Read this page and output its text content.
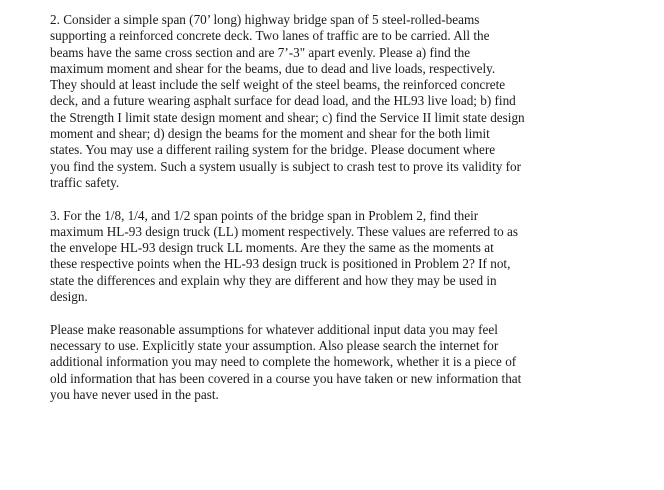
2. Consider a simple span (70’ long) highway bridge span of 5 steel-rolled-beams
supporting a reinforced concrete deck. Two lanes of traffic are to be carried. All the
beams have the same cross section and are 7’-3" apart evenly. Please a) find the
maximum moment and shear for the beams, due to dead and live loads, respectively.
They should at least include the self weight of the steel beams, the reinforced concrete
deck, and a future wearing asphalt surface for dead load, and the HL93 live load; b) find
the Strength I limit state design moment and shear; c) find the Service II limit state design
moment and shear; d) design the beams for the moment and shear for the both limit
states. You may use a different railing system for the bridge. Please document where
you find the system. Such a system usually is subject to crash test to prove its validity for
traffic safety.
3. For the 1/8, 1/4, and 1/2 span points of the bridge span in Problem 2, find their
maximum HL-93 design truck (LL) moment respectively. These values are referred to as
the envelope HL-93 design truck LL moments. Are they the same as the moments at
these respective points when the HL-93 design truck is positioned in Problem 2? If not,
state the differences and explain why they are different and how they may be used in
design.
Please make reasonable assumptions for whatever additional input data you may feel
necessary to use. Explicitly state your assumption. Also please search the internet for
additional information you may need to complete the homework, whether it is a piece of
old information that has been covered in a course you have taken or new information that
you have never used in the past.
